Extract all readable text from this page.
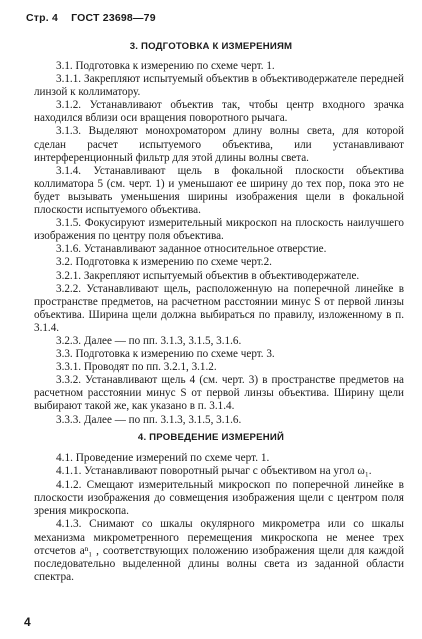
Стр. 4 ГОСТ 23698—79
3. ПОДГОТОВКА К ИЗМЕРЕНИЯМ

3.1. Подготовка к измерению по схеме черт. 1.

3.1.1. Закрепляют испытуемый объектив в объективодержателе передней линзой к коллиматору.

3.1.2. Устанавливают объектив так, чтобы центр входного зрачка находился вблизи оси вращения поворотного рычага.

3.1.3. Выделяют монохроматором длину волны света, для которой сделан расчет испытуемого объектива, или устанавливают интерференционный фильтр для этой длины волны света.

3.1.4. Устанавливают щель в фокальной плоскости объектива коллиматора 5 (см. черт. 1) и уменьшают ее ширину до тех пор, пока это не будет вызывать уменьшения ширины изображения щели в фокальной плоскости испытуемого объектива.

3.1.5. Фокусируют измерительный микроскоп на плоскость наилучшего изображения по центру поля объектива.

3.1.6. Устанавливают заданное относительное отверстие.

3.2. Подготовка к измерению по схеме черт.2.

3.2.1. Закрепляют испытуемый объектив в объективодержателе.

3.2.2. Устанавливают щель, расположенную на поперечной линейке в пространстве предметов, на расчетном расстоянии минус S от первой линзы объектива. Ширина щели должна выбираться по правилу, изложенному в п. 3.1.4.

3.2.3. Далее — по пп. 3.1.3, 3.1.5, 3.1.6.

3.3. Подготовка к измерению по схеме черт. 3.

3.3.1. Проводят по пп. 3.2.1, 3.1.2.

3.3.2. Устанавливают щель 4 (см. черт. 3) в пространстве предметов на расчетном расстоянии минус S от первой линзы объектива. Ширину щели выбирают такой же, как указано в п. 3.1.4.

3.3.3. Далее — по пп. 3.1.3, 3.1.5, 3.1.6.

4. ПРОВЕДЕНИЕ ИЗМЕРЕНИЙ

4.1. Проведение измерений по схеме черт. 1.

4.1.1. Устанавливают поворотный рычаг с объективом на угол ω₁.

4.1.2. Смещают измерительный микроскоп по поперечной линейке в плоскости изображения до совмещения изображения щели с центром поля зрения микроскопа.

4.1.3. Снимают со шкалы окулярного микрометра или со шкалы механизма микрометренного перемещения микроскопа не менее трех отсчетов aⁿ₁ , соответствующих положению изображения щели для каждой последовательно выделенной длины волны света из заданной области спектра.

4
